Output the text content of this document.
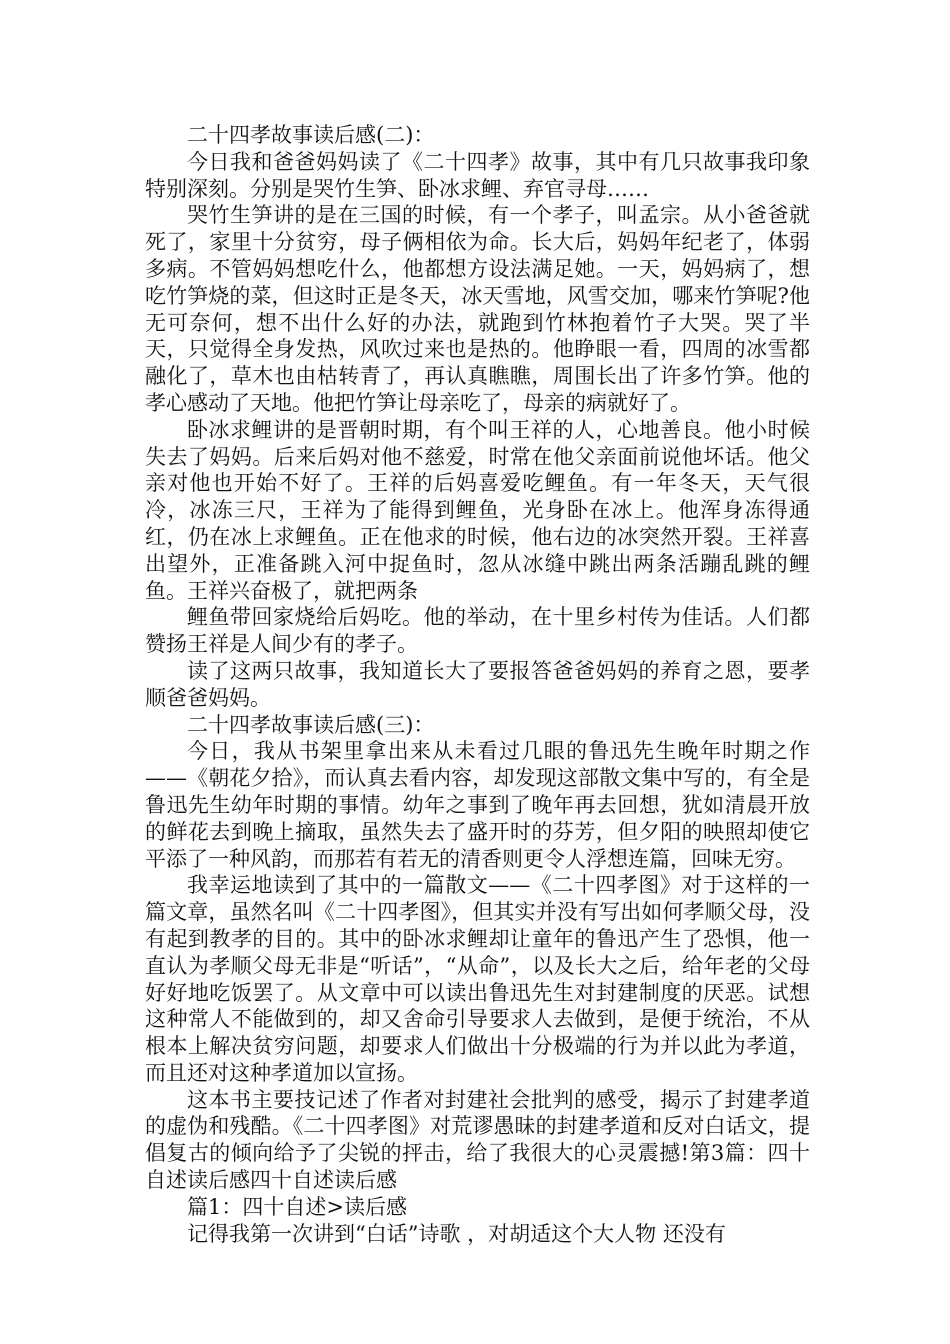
二十四孝故事读后感(二)：

今日我和爸爸妈妈读了《二十四孝》故事，其中有几只故事我印象特别深刻。分别是哭竹生笋、卧冰求鲤、弃官寻母……

哭竹生笋讲的是在三国的时候，有一个孝子，叫孟宗。从小爸爸就死了，家里十分贫穷，母子俩相依为命。长大后，妈妈年纪老了，体弱多病。不管妈妈想吃什么，他都想方设法满足她。一天，妈妈病了，想吃竹笋烧的菜，但这时正是冬天，冰天雪地，风雪交加，哪来竹笋呢?他无可奈何，想不出什么好的办法，就跑到竹林抱着竹子大哭。哭了半天，只觉得全身发热，风吹过来也是热的。他睁眼一看，四周的冰雪都融化了，草木也由枯转青了，再认真瞧瞧，周围长出了许多竹笋。他的孝心感动了天地。他把竹笋让母亲吃了，母亲的病就好了。

卧冰求鲤讲的是晋朝时期，有个叫王祥的人，心地善良。他小时候失去了妈妈。后来后妈对他不慈爱，时常在他父亲面前说他坏话。他父亲对他也开始不好了。王祥的后妈喜爱吃鲤鱼。有一年冬天，天气很冷，冰冻三尺，王祥为了能得到鲤鱼，光身卧在冰上。他浑身冻得通红，仍在冰上求鲤鱼。正在他求的时候，他右边的冰突然开裂。王祥喜出望外，正准备跳入河中捉鱼时，忽从冰缝中跳出两条活蹦乱跳的鲤鱼。王祥兴奋极了，就把两条

鲤鱼带回家烧给后妈吃。他的举动，在十里乡村传为佳话。人们都赞扬王祥是人间少有的孝子。

读了这两只故事，我知道长大了要报答爸爸妈妈的养育之恩，要孝顺爸爸妈妈。

二十四孝故事读后感(三)：

今日，我从书架里拿出来从未看过几眼的鲁迅先生晚年时期之作——《朝花夕拾》，而认真去看内容，却发现这部散文集中写的，有全是鲁迅先生幼年时期的事情。幼年之事到了晚年再去回想，犹如清晨开放的鲜花去到晚上摘取，虽然失去了盛开时的芬芳，但夕阳的映照却使它平添了一种风韵，而那若有若无的清香则更令人浮想连篇，回味无穷。

我幸运地读到了其中的一篇散文——《二十四孝图》对于这样的一篇文章，虽然名叫《二十四孝图》，但其实并没有写出如何孝顺父母，没有起到教孝的目的。其中的卧冰求鲤却让童年的鲁迅产生了恐惧，他一直认为孝顺父母无非是“听话”，“从命”，以及长大之后，给年老的父母好好地吃饭罢了。从文章中可以读出鲁迅先生对封建制度的厌恶。试想这种常人不能做到的，却又舍命引导要求人去做到，是便于统治，不从根本上解决贫穷问题，却要求人们做出十分极端的行为并以此为孝道，而且还对这种孝道加以宣扬。

这本书主要技记述了作者对封建社会批判的感受，揭示了封建孝道的虚伪和残酷。《二十四孝图》对荒谬愚昧的封建孝道和反对白话文，提倡复古的倾向给予了尖锐的抨击，给了我很大的心灵震撼!第3篇：四十自述读后感四十自述读后感

篇1：四十自述>读后感

记得我第一次讲到“白话”诗歌 ，对胡适这个大人物 还没有
